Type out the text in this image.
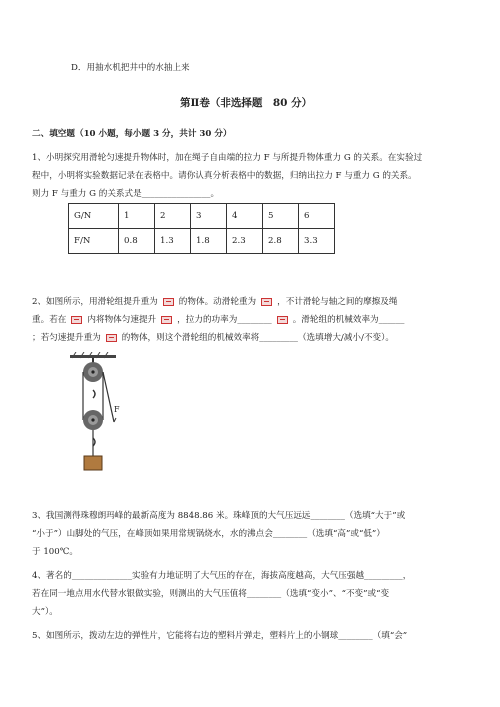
D．用抽水机把井中的水抽上来
第Ⅱ卷（非选择题　80 分）
二、填空题（10 小题，每小题 3 分，共计 30 分）
1、小明探究用滑轮匀速提升物体时，加在绳子自由端的拉力 F 与所提升物体重力 G 的关系。在实验过
程中，小明将实验数据记录在表格中。请你认真分析表格中的数据，归纳出拉力 F 与重力 G 的关系。
则力 F 与重力 G 的关系式是________________。
G/N	1	2	3	4	5	6
F/N	0.8	1.3	1.8	2.3	2.8	3.3
2、如图所示，用滑轮组提升重为 的物体。动滑轮重为 ，不计滑轮与轴之间的摩擦及绳
重。若在 内将物体匀速提升 ，拉力的功率为________ 。滑轮组的机械效率为______
；若匀速提升重为 的物体，则这个滑轮组的机械效率将_________（选填增大/减小/不变）。
F
3、我国测得珠穆朗玛峰的最新高度为 8848.86 米。珠峰顶的大气压远远________（选填“大于”或
“小于”）山脚处的气压，在峰顶如果用常规锅烧水，水的沸点会________（选填“高”或“低”）
于 100℃。
4、著名的______________实验有力地证明了大气压的存在，海拔高度越高，大气压强越_________，
若在同一地点用水代替水银做实验，则测出的大气压值将________（选填“变小”、“不变”或“变
大”）。
5、如图所示，拨动左边的弹性片，它能将右边的塑料片弹走，塑料片上的小钢球________（填“会”
